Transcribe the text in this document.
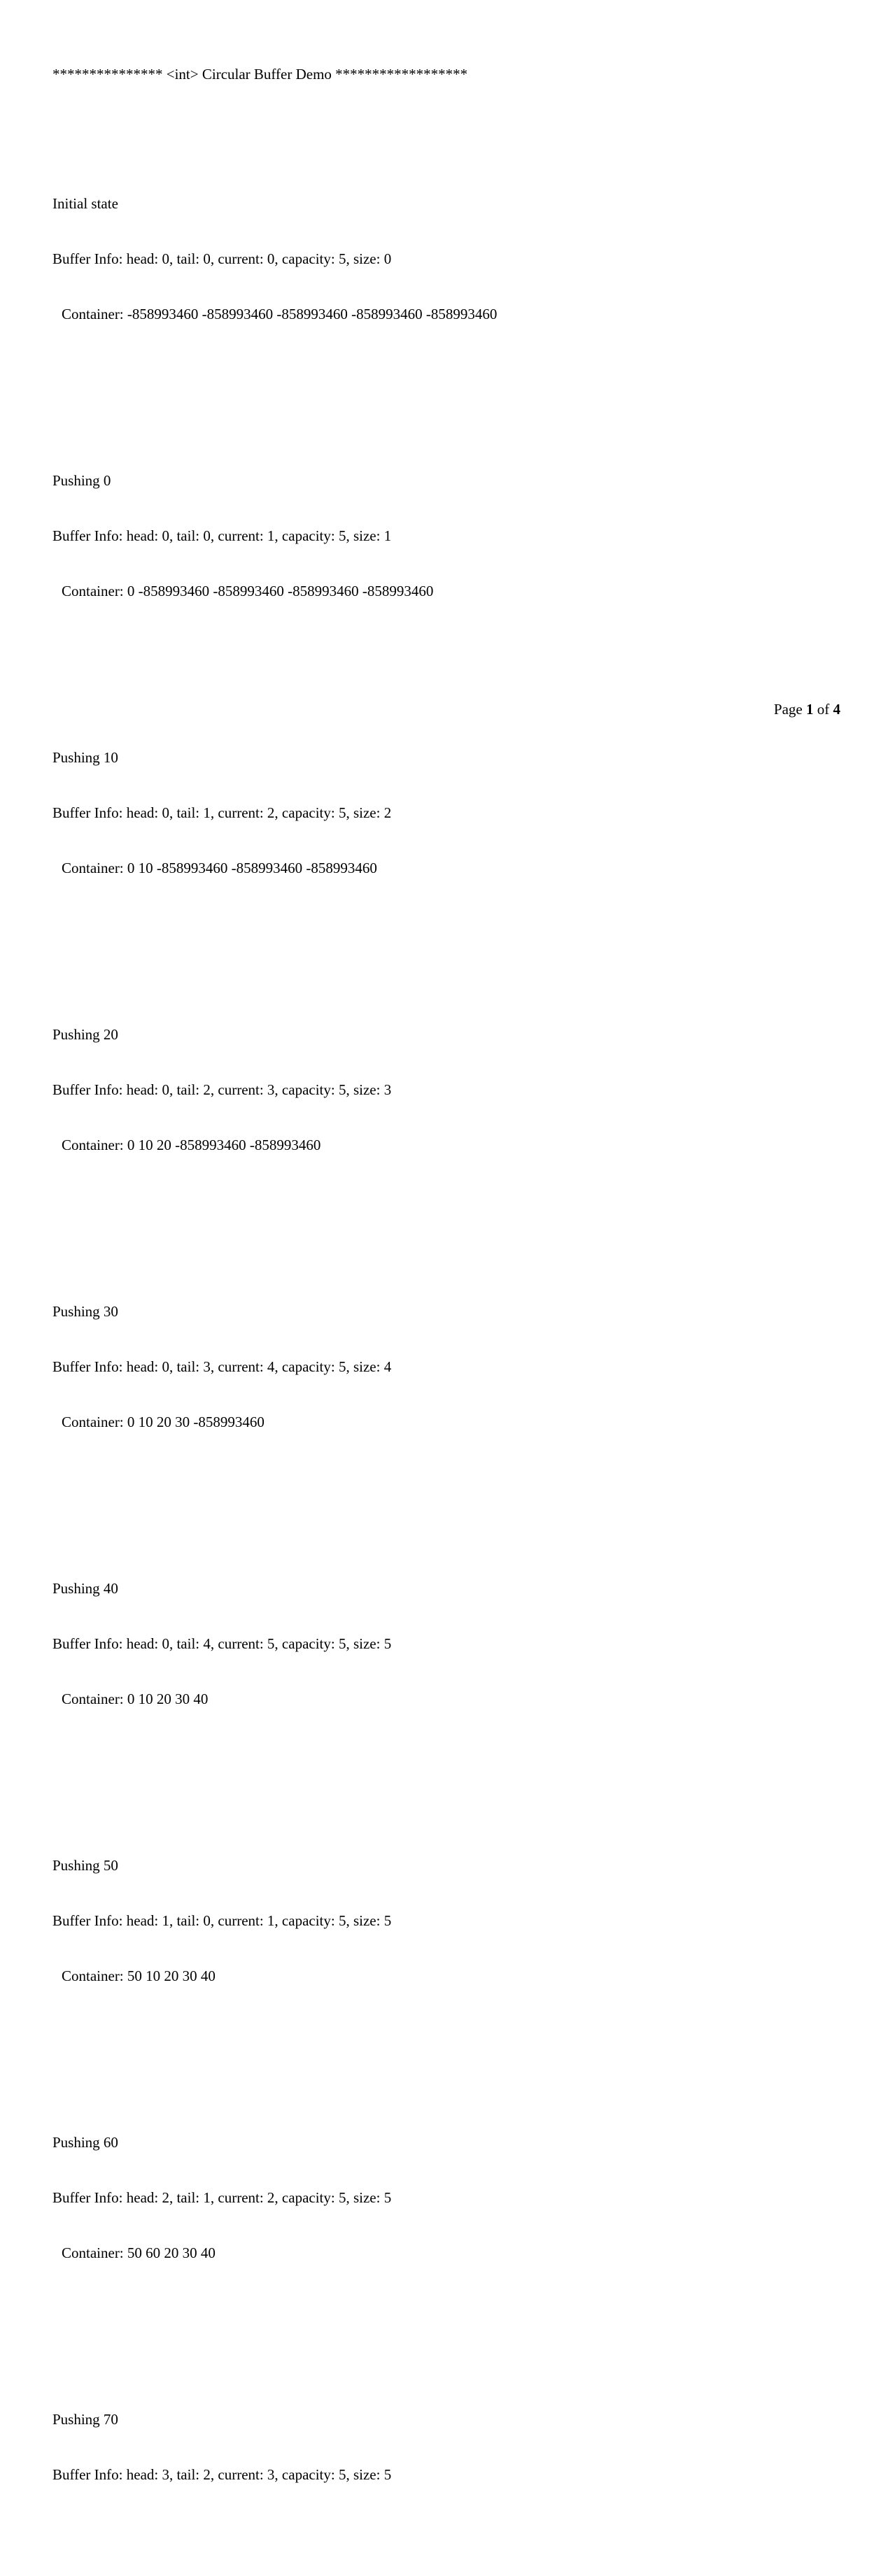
*************** <int> Circular Buffer Demo ******************

Initial state

Buffer Info: head: 0, tail: 0, current: 0, capacity: 5, size: 0

Container: -858993460 -858993460 -858993460 -858993460 -858993460

Pushing 0

Buffer Info: head: 0, tail: 0, current: 1, capacity: 5, size: 1

Container: 0 -858993460 -858993460 -858993460 -858993460

Pushing 10

Buffer Info: head: 0, tail: 1, current: 2, capacity: 5, size: 2

Container: 0 10 -858993460 -858993460 -858993460

Pushing 20

Buffer Info: head: 0, tail: 2, current: 3, capacity: 5, size: 3

Container: 0 10 20 -858993460 -858993460

Pushing 30

Buffer Info: head: 0, tail: 3, current: 4, capacity: 5, size: 4

Container: 0 10 20 30 -858993460

Pushing 40

Buffer Info: head: 0, tail: 4, current: 5, capacity: 5, size: 5

Container: 0 10 20 30 40

Pushing 50

Buffer Info: head: 1, tail: 0, current: 1, capacity: 5, size: 5

Container: 50 10 20 30 40

Pushing 60

Buffer Info: head: 2, tail: 1, current: 2, capacity: 5, size: 5

Container: 50 60 20 30 40

Pushing 70

Buffer Info: head: 3, tail: 2, current: 3, capacity: 5, size: 5

Page 1 of 4
